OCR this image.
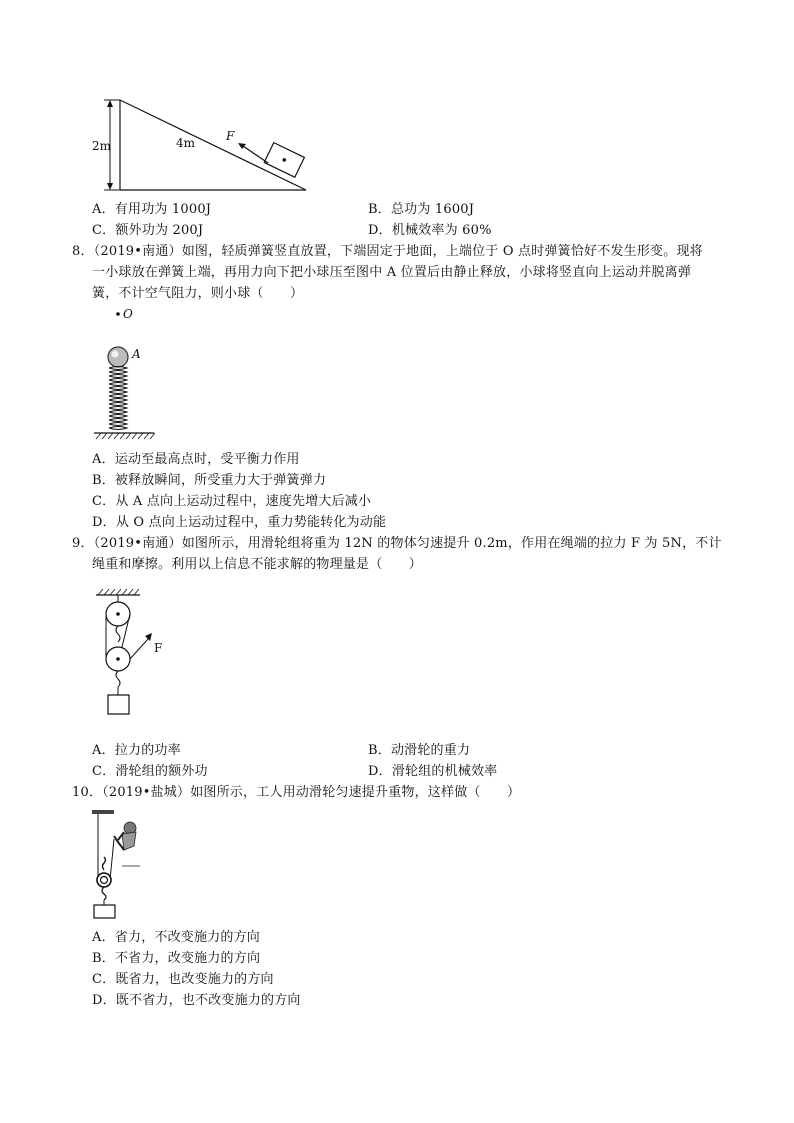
2m	4m	F
A．有用功为 1000J	B．总功为 1600J
C．额外功为 200J	D．机械效率为 60%
8．（2019•南通）如图，轻质弹簧竖直放置，下端固定于地面，上端位于 O 点时弹簧恰好不发生形变。现将
一小球放在弹簧上端，再用力向下把小球压至图中 A 位置后由静止释放，小球将竖直向上运动并脱离弹
簧，不计空气阻力，则小球（　　）
O
A
A．运动至最高点时，受平衡力作用
B．被释放瞬间，所受重力大于弹簧弹力
C．从 A 点向上运动过程中，速度先增大后减小
D．从 O 点向上运动过程中，重力势能转化为动能
9．（2019•南通）如图所示，用滑轮组将重为 12N 的物体匀速提升 0.2m，作用在绳端的拉力 F 为 5N，不计
绳重和摩擦。利用以上信息不能求解的物理量是（　　）
F
A．拉力的功率	B．动滑轮的重力
C．滑轮组的额外功	D．滑轮组的机械效率
10．（2019•盐城）如图所示，工人用动滑轮匀速提升重物，这样做（　　）
A．省力，不改变施力的方向
B．不省力，改变施力的方向
C．既省力，也改变施力的方向
D．既不省力，也不改变施力的方向
